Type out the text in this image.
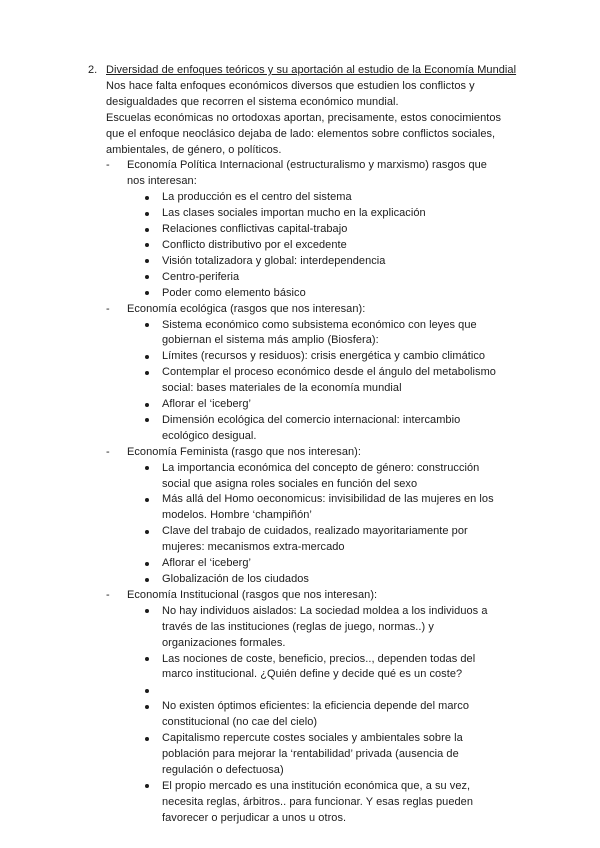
2. Diversidad de enfoques teóricos y su aportación al estudio de la Economía Mundial

Nos hace falta enfoques económicos diversos que estudien los conflictos y desigualdades que recorren el sistema económico mundial.

Escuelas económicas no ortodoxas aportan, precisamente, estos conocimientos que el enfoque neoclásico dejaba de lado: elementos sobre conflictos sociales, ambientales, de género, o políticos.

-	Economía Política Internacional (estructuralismo y marxismo) rasgos que nos interesan:
La producción es el centro del sistema
Las clases sociales importan mucho en la explicación
Relaciones conflictivas capital-trabajo
Conflicto distributivo por el excedente
Visión totalizadora y global: interdependencia
Centro-periferia
Poder como elemento básico
-	Economía ecológica (rasgos que nos interesan):
Sistema económico como subsistema económico con leyes que gobiernan el sistema más amplio (Biosfera):
Límites (recursos y residuos): crisis energética y cambio climático
Contemplar el proceso económico desde el ángulo del metabolismo social: bases materiales de la economía mundial
Aflorar el ‘iceberg’
Dimensión ecológica del comercio internacional: intercambio ecológico desigual.
-	Economía Feminista (rasgo que nos interesan):
La importancia económica del concepto de género: construcción social que asigna roles sociales en función del sexo
Más allá del Homo oeconomicus: invisibilidad de las mujeres en los modelos. Hombre ‘champiñón’
Clave del trabajo de cuidados, realizado mayoritariamente por mujeres: mecanismos extra-mercado
Aflorar el ‘iceberg’
Globalización de los ciudados
-	Economía Institucional (rasgos que nos interesan):
No hay individuos aislados: La sociedad moldea a los individuos a través de las instituciones (reglas de juego, normas..) y organizaciones formales.
Las nociones de coste, beneficio, precios.., dependen todas del marco institucional. ¿Quién define y decide qué es un coste?
No existen óptimos eficientes: la eficiencia depende del marco constitucional (no cae del cielo)
Capitalismo repercute costes sociales y ambientales sobre la población para mejorar la ‘rentabilidad’ privada (ausencia de regulación o defectuosa)
El propio mercado es una institución económica que, a su vez, necesita reglas, árbitros.. para funcionar. Y esas reglas pueden favorecer o perjudicar a unos u otros.
